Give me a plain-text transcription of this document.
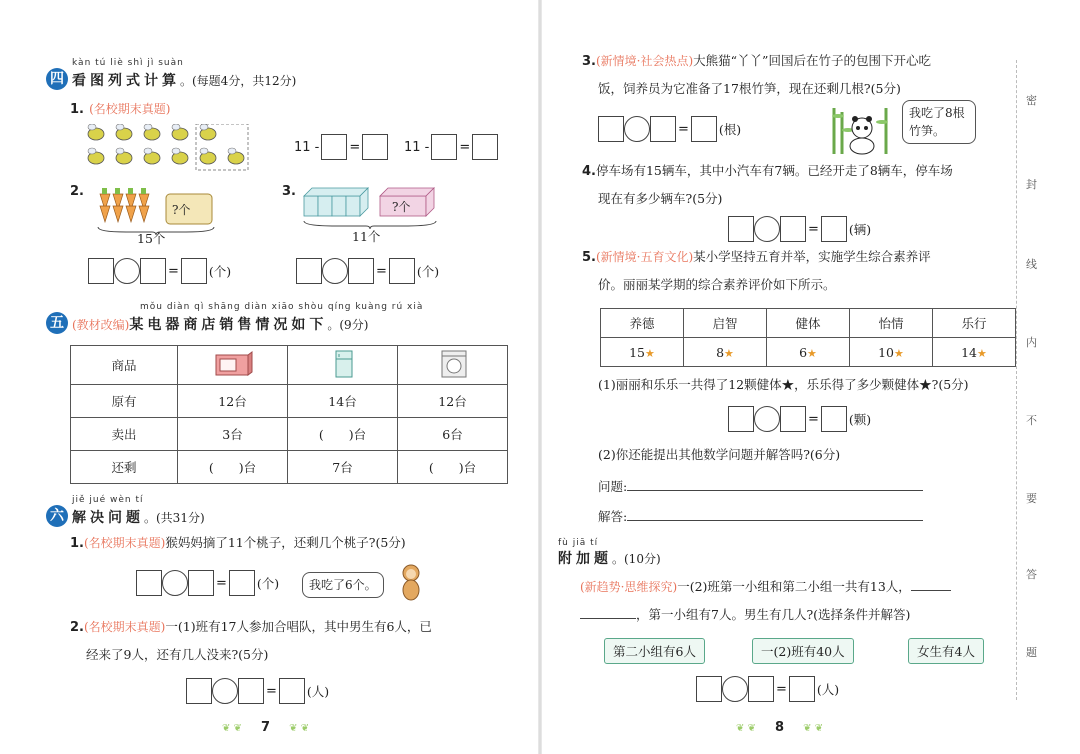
kàn tú liè shì jì suàn
四 看图列式计算。(每题4分，共12分)
1. (名校期末真题)
11 - =	11 - =
2.
?个
15个
= (个)
3.
?个
11个
= (个)
mǒu diàn qì shāng diàn xiāo shòu qíng kuàng rú xià
五 (教材改编)某电器商店销售情况如下。(9分)
商品			
原有	12台	14台	12台
卖出	3台	(　　)台	6台
还剩	(　　)台	7台	(　　)台
jiě jué wèn tí
六 解决问题。(共31分)
1.(名校期末真题)猴妈妈摘了11个桃子，还剩几个桃子?(5分)
= (个)	我吃了6个。
2.(名校期末真题)一(1)班有17人参加合唱队，其中男生有6人，已
经来了9人，还有几人没来?(5分)
= (人)
❦ ❦ 7 ❦ ❦
3.(新情境·社会热点)大熊猫“丫丫”回国后在竹子的包围下开心吃
饭，饲养员为它准备了17根竹笋，现在还剩几根?(5分)
= (根)
我吃了8根竹笋。
4.停车场有15辆车，其中小汽车有7辆。已经开走了8辆车，停车场
现在有多少辆车?(5分)
= (辆)
5.(新情境·五育文化)某小学坚持五育并举，实施学生综合素养评
价。丽丽某学期的综合素养评价如下所示。
养德	启智	健体	怡情	乐行
15★	8★	6★	10★	14★
(1)丽丽和乐乐一共得了12颗健体★，乐乐得了多少颗健体★?(5分)
= (颗)
(2)你还能提出其他数学问题并解答吗?(6分)
问题:
解答:
fù jiā tí
附加题。(10分)
(新趋势·思维探究)一(2)班第一小组和第二小组一共有13人，
，第一小组有7人。男生有几人?(选择条件并解答)
第二小组有6人	一(2)班有40人	女生有4人
= (人)
❦ ❦ 8 ❦ ❦
密
封
线
内
不
要
答
题
